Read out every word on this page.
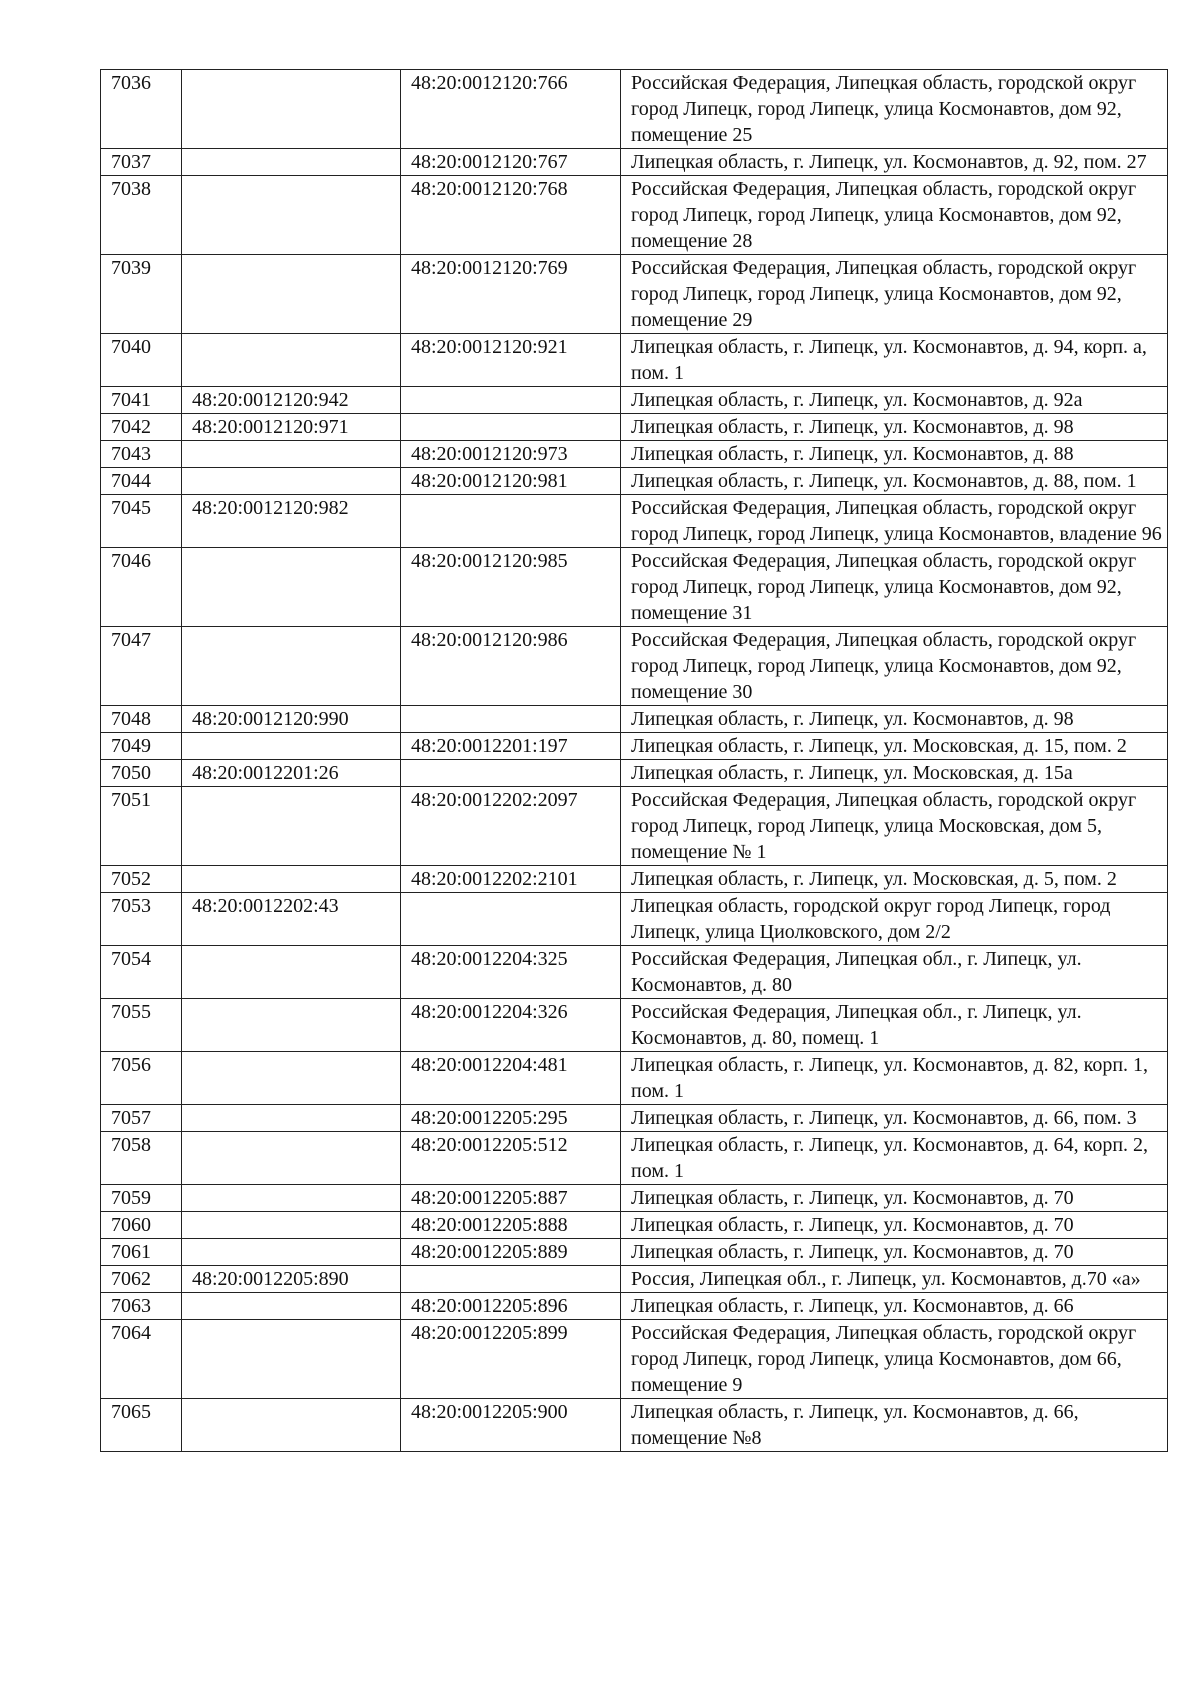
7036		48:20:0012120:766	Российская Федерация, Липецкая область, городской округ город Липецк, город Липецк, улица Космонавтов, дом 92, помещение 25
7037		48:20:0012120:767	Липецкая область, г. Липецк, ул. Космонавтов, д. 92, пом. 27
7038		48:20:0012120:768	Российская Федерация, Липецкая область, городской округ город Липецк, город Липецк, улица Космонавтов, дом 92, помещение 28
7039		48:20:0012120:769	Российская Федерация, Липецкая область, городской округ город Липецк, город Липецк, улица Космонавтов, дом 92, помещение 29
7040		48:20:0012120:921	Липецкая область, г. Липецк, ул. Космонавтов, д. 94, корп. а, пом. 1
7041	48:20:0012120:942		Липецкая область, г. Липецк, ул. Космонавтов, д. 92а
7042	48:20:0012120:971		Липецкая область, г. Липецк, ул. Космонавтов, д. 98
7043		48:20:0012120:973	Липецкая область, г. Липецк, ул. Космонавтов, д. 88
7044		48:20:0012120:981	Липецкая область, г. Липецк, ул. Космонавтов, д. 88, пом. 1
7045	48:20:0012120:982		Российская Федерация, Липецкая область, городской округ город Липецк, город Липецк, улица Космонавтов, владение 96
7046		48:20:0012120:985	Российская Федерация, Липецкая область, городской округ город Липецк, город Липецк, улица Космонавтов, дом 92, помещение 31
7047		48:20:0012120:986	Российская Федерация, Липецкая область, городской округ город Липецк, город Липецк, улица Космонавтов, дом 92, помещение 30
7048	48:20:0012120:990		Липецкая область, г. Липецк, ул. Космонавтов, д. 98
7049		48:20:0012201:197	Липецкая область, г. Липецк, ул. Московская, д. 15, пом. 2
7050	48:20:0012201:26		Липецкая область, г. Липецк, ул. Московская, д. 15а
7051		48:20:0012202:2097	Российская Федерация, Липецкая область, городской округ город Липецк, город Липецк, улица Московская, дом 5, помещение № 1
7052		48:20:0012202:2101	Липецкая область, г. Липецк, ул. Московская, д. 5, пом. 2
7053	48:20:0012202:43		Липецкая область, городской округ город Липецк, город Липецк, улица Циолковского, дом 2/2
7054		48:20:0012204:325	Российская Федерация, Липецкая обл., г. Липецк, ул. Космонавтов, д. 80
7055		48:20:0012204:326	Российская Федерация, Липецкая обл., г. Липецк, ул. Космонавтов, д. 80, помещ. 1
7056		48:20:0012204:481	Липецкая область, г. Липецк, ул. Космонавтов, д. 82, корп. 1, пом. 1
7057		48:20:0012205:295	Липецкая область, г. Липецк, ул. Космонавтов, д. 66, пом. 3
7058		48:20:0012205:512	Липецкая область, г. Липецк, ул. Космонавтов, д. 64, корп. 2, пом. 1
7059		48:20:0012205:887	Липецкая область, г. Липецк, ул. Космонавтов, д. 70
7060		48:20:0012205:888	Липецкая область, г. Липецк, ул. Космонавтов, д. 70
7061		48:20:0012205:889	Липецкая область, г. Липецк, ул. Космонавтов, д. 70
7062	48:20:0012205:890		Россия, Липецкая обл., г. Липецк, ул. Космонавтов, д.70 «а»
7063		48:20:0012205:896	Липецкая область, г. Липецк, ул. Космонавтов, д. 66
7064		48:20:0012205:899	Российская Федерация, Липецкая область, городской округ город Липецк, город Липецк, улица Космонавтов, дом 66, помещение 9
7065		48:20:0012205:900	Липецкая область, г. Липецк, ул. Космонавтов, д. 66, помещение №8
